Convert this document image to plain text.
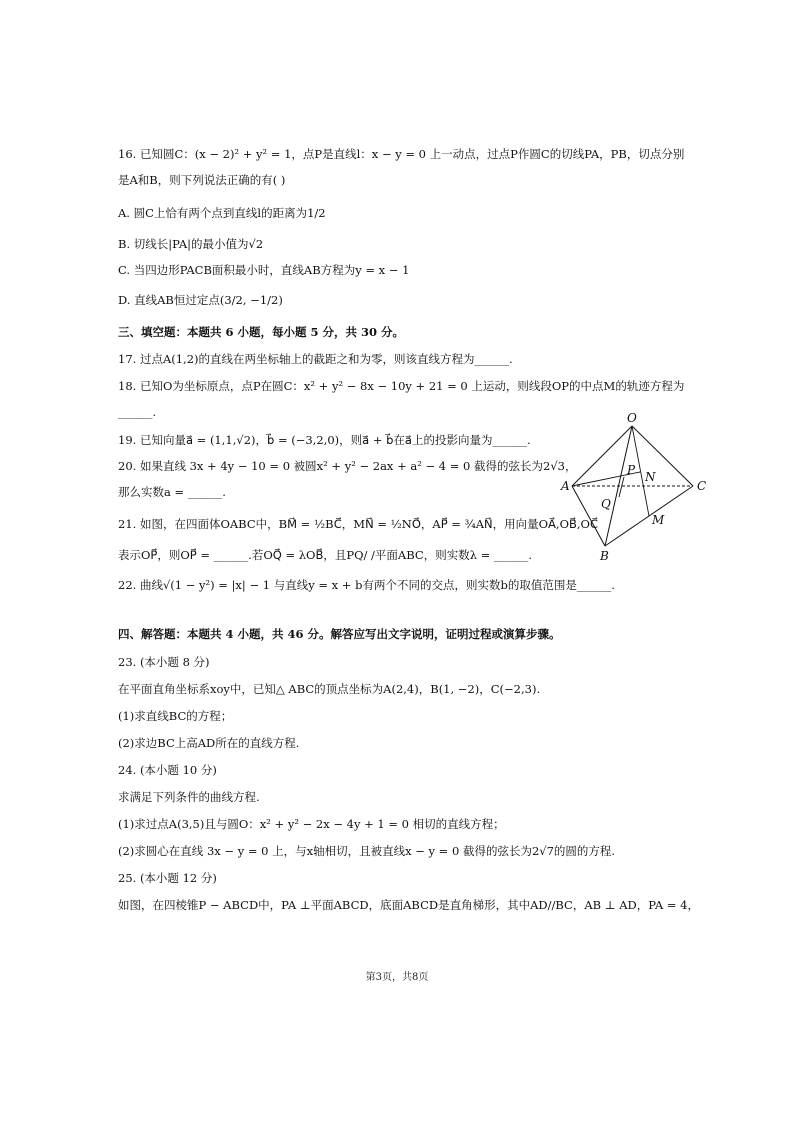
16. 已知圆C：(x − 2)² + y² = 1，点P是直线l：x − y = 0 上一动点，过点P作圆C的切线PA，PB，切点分别
是A和B，则下列说法正确的有( )
A. 圆C上恰有两个点到直线l的距离为1/2
B. 切线长|PA|的最小值为√2
C. 当四边形PACB面积最小时，直线AB方程为y = x − 1
D. 直线AB恒过定点(3/2, −1/2)
三、填空题：本题共 6 小题，每小题 5 分，共 30 分。
17. 过点A(1,2)的直线在两坐标轴上的截距之和为零，则该直线方程为______.
18. 已知O为坐标原点，点P在圆C：x² + y² − 8x − 10y + 21 = 0 上运动，则线段OP的中点M的轨迹方程为
______.
19. 已知向量a⃗ = (1,1,√2)，b⃗ = (−3,2,0)，则a⃗ + b⃗在a⃗上的投影向量为______.
20. 如果直线 3x + 4y − 10 = 0 被圆x² + y² − 2ax + a² − 4 = 0 截得的弦长为2√3，
那么实数a = ______.
21. 如图，在四面体OABC中，BM⃗ = ½BC⃗，MN⃗ = ½NO⃗，AP⃗ = ¾AN⃗，用向量OA⃗,OB⃗,OC⃗
表示OP⃗，则OP⃗ = ______.若OQ⃗ = λOB⃗，且PQ/ /平面ABC，则实数λ = ______.
22. 曲线√(1 − y²) = |x| − 1 与直线y = x + b有两个不同的交点，则实数b的取值范围是______.
四、解答题：本题共 4 小题，共 46 分。解答应写出文字说明，证明过程或演算步骤。
23. (本小题 8 分)
在平面直角坐标系xoy中，已知△ ABC的顶点坐标为A(2,4)，B(1, −2)，C(−2,3).
(1)求直线BC的方程；
(2)求边BC上高AD所在的直线方程.
24. (本小题 10 分)
求满足下列条件的曲线方程.
(1)求过点A(3,5)且与圆O：x² + y² − 2x − 4y + 1 = 0 相切的直线方程；
(2)求圆心在直线 3x − y = 0 上，与x轴相切，且被直线x − y = 0 截得的弦长为2√7的圆的方程.
25. (本小题 12 分)
如图，在四棱锥P − ABCD中，PA ⊥平面ABCD，底面ABCD是直角梯形，其中AD//BC，AB ⊥ AD，PA = 4，
O
A	C
B
P N
Q
M
第3页，共8页
